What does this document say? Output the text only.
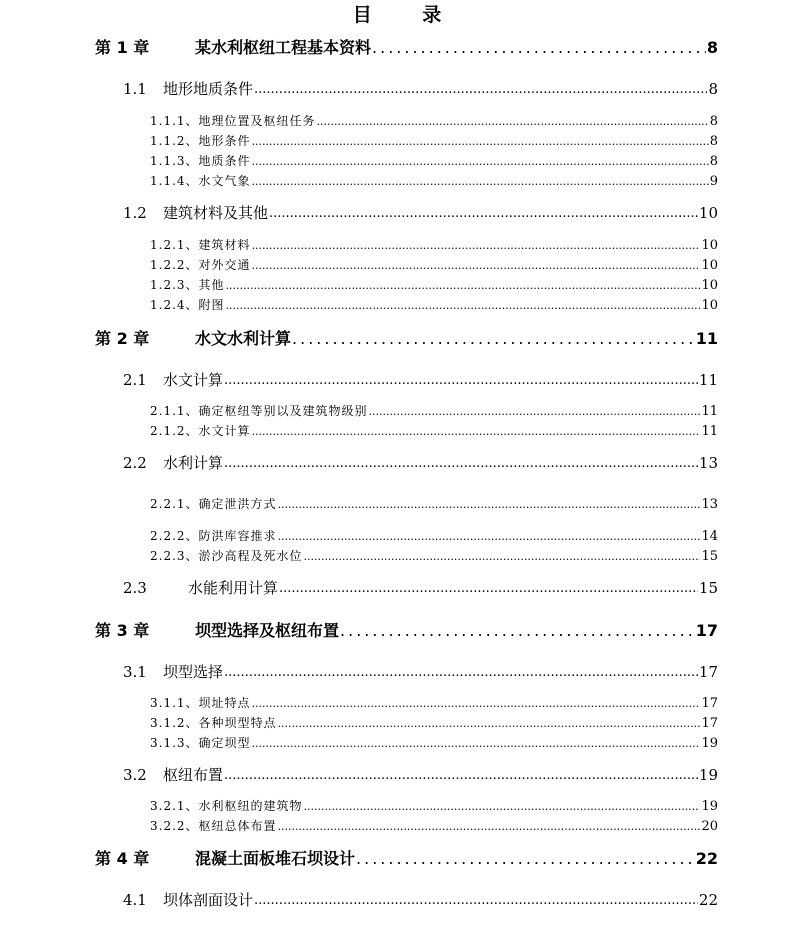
目 录
第 1 章	某水利枢纽工程基本资料 .....	8
1.1	地形地质条件 .....	8
1.1.1、 地理位置及枢纽任务 .....	8
1.1.2、 地形条件 .....	8
1.1.3、 地质条件 .....	8
1.1.4、 水文气象 .....	9
1.2	建筑材料及其他 .....	10
1.2.1、 建筑材料 .....	10
1.2.2、 对外交通 .....	10
1.2.3、 其他 .....	10
1.2.4、 附图 .....	10
第 2 章	水文水利计算 .....	11
2.1	水文计算 .....	11
2.1.1、 确定枢纽等别以及建筑物级别 .....	11
2.1.2、 水文计算 .....	11
2.2	水利计算 .....	13
2.2.1、 确定泄洪方式 .....	13
2.2.2、 防洪库容推求 .....	14
2.2.3、 淤沙高程及死水位 .....	15
2.3	水能利用计算 .....	15
第 3 章	坝型选择及枢纽布置 .....	17
3.1	坝型选择 .....	17
3.1.1、 坝址特点 .....	17
3.1.2、 各种坝型特点 .....	17
3.1.3、 确定坝型 .....	19
3.2	枢纽布置 .....	19
3.2.1、 水利枢纽的建筑物 .....	19
3.2.2、 枢纽总体布置 .....	20
第 4 章	混凝土面板堆石坝设计 .....	22
4.1	坝体剖面设计 .....	22
